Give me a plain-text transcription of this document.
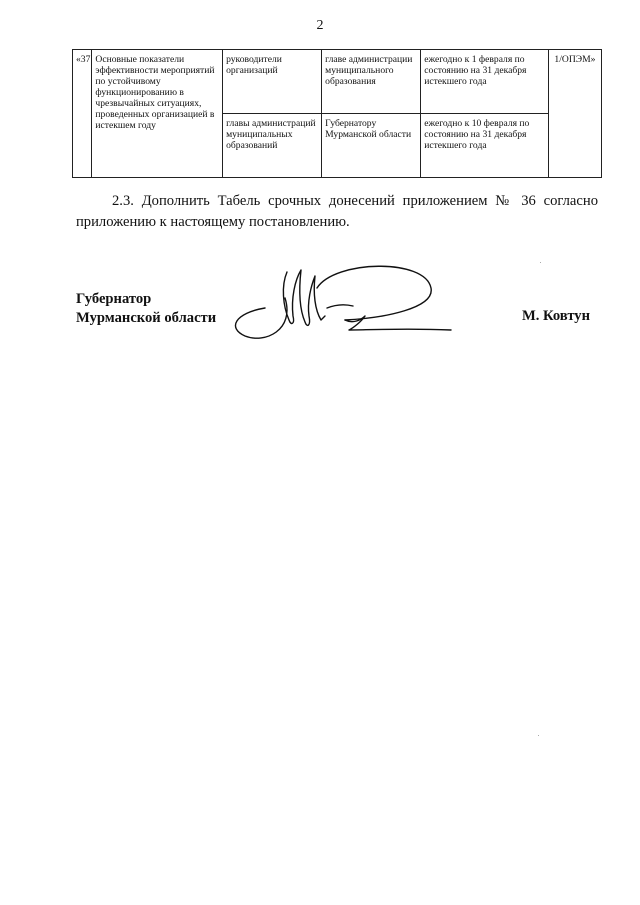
2
«37	Основные показатели эффективности мероприятий по устойчивому функционированию в чрезвычайных ситуациях, проведенных организацией в истекшем году	руководители организаций	главе администрации муниципального образования	ежегодно к 1 февраля по состоянию на 31 декабря истекшего года	1/ОПЭМ»
		главы администраций муниципальных образований	Губернатору Мурманской области	ежегодно к 10 февраля по состоянию на 31 декабря истекшего года	
2.3. Дополнить Табель срочных донесений приложением № 36 согласно приложению к настоящему постановлению.
Губернатор
Мурманской области	М. Ковтун
